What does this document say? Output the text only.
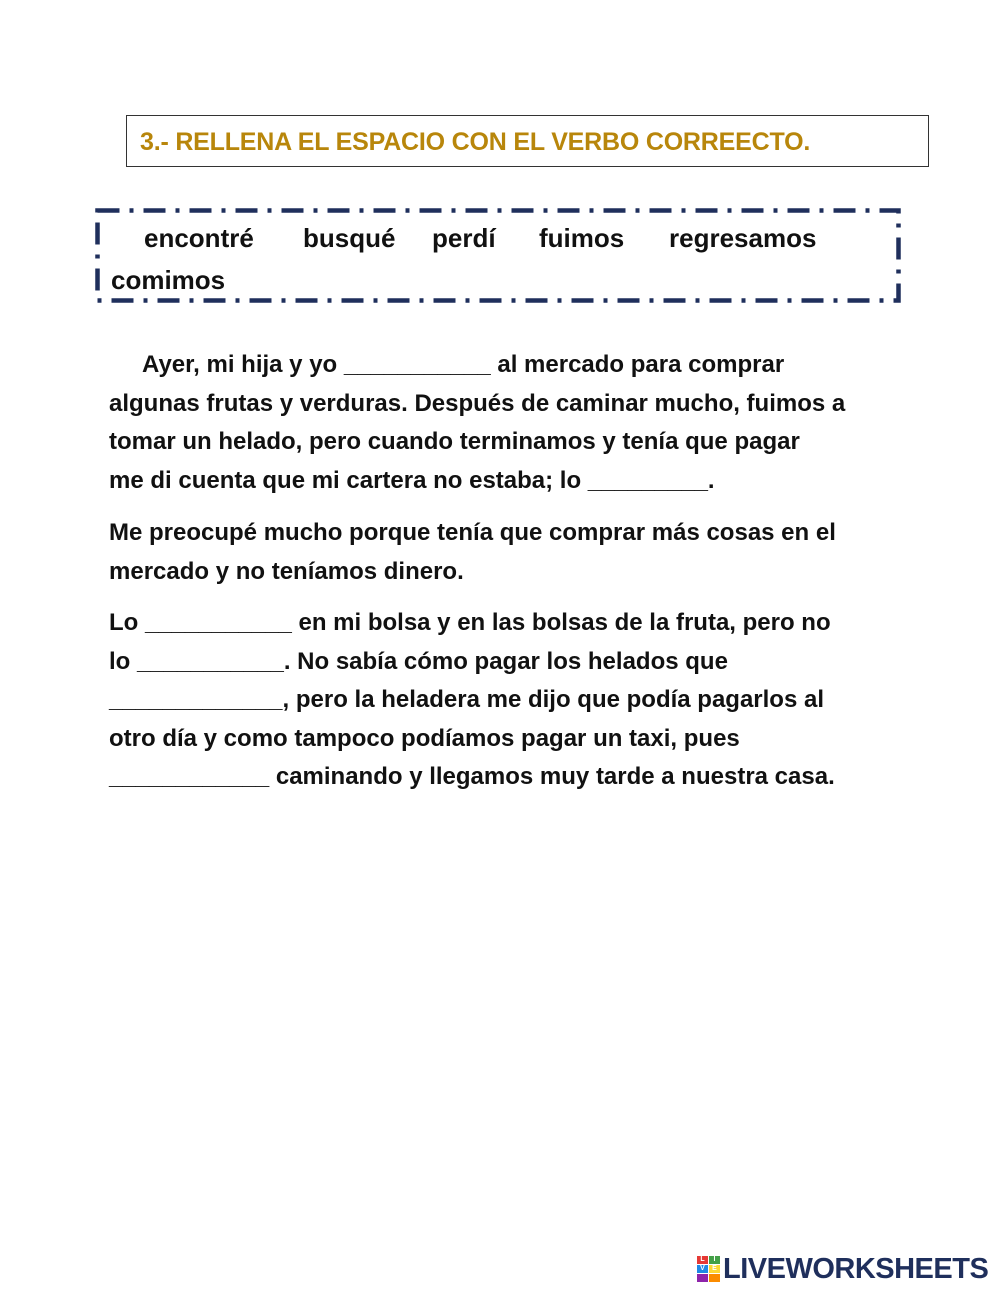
3.- RELLENA EL ESPACIO CON EL VERBO CORREECTO.
encontré busqué perdí fuimos regresamos
comimos
Ayer, mi hija y yo ___________ al mercado para comprar
algunas frutas y verduras. Después de caminar mucho, fuimos a
tomar un helado, pero cuando terminamos y tenía que pagar
me di cuenta que mi cartera no estaba; lo _________.
Me preocupé mucho porque tenía que comprar más cosas en el
mercado y no teníamos dinero.
Lo ___________ en mi bolsa y en las bolsas de la fruta, pero no
lo ___________. No sabía cómo pagar los helados que
_____________, pero la heladera me dijo que podía pagarlos al
otro día y como tampoco podíamos pagar un taxi, pues
____________ caminando y llegamos muy tarde a nuestra casa.
L	I
V	E LIVEWORKSHEETS
